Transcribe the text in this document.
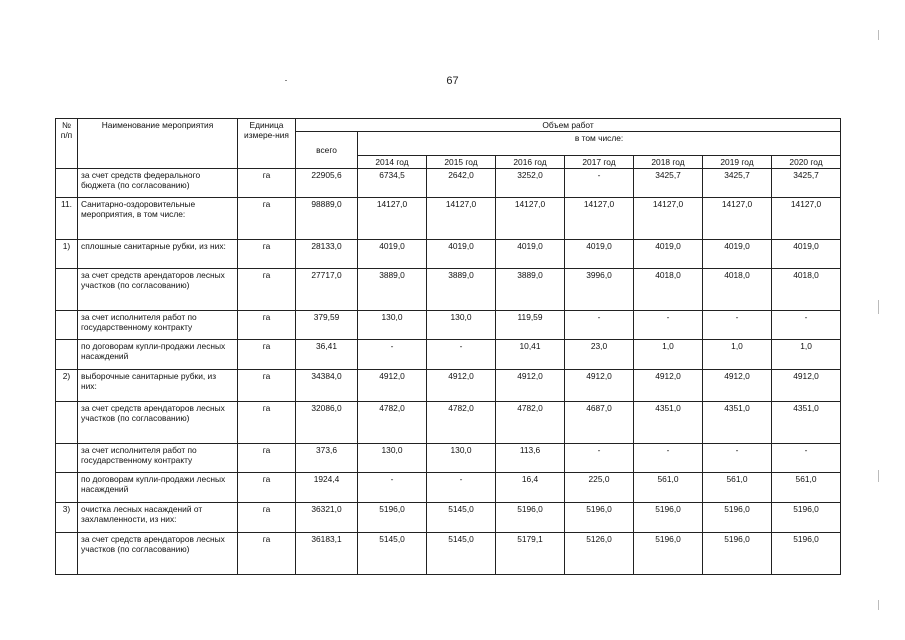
67
№ п/п	Наименование мероприятия	Единица измере-ния	Объем работ							
			всего	в том числе:						
				2014 год	2015 год	2016 год	2017 год	2018 год	2019 год	2020 год
	за счет средств федерального бюджета (по согласованию)	га	22905,6	6734,5	2642,0	3252,0	-	3425,7	3425,7	3425,7
11.	Санитарно-оздоровительные мероприятия, в том числе:	га	98889,0	14127,0	14127,0	14127,0	14127,0	14127,0	14127,0	14127,0
1)	сплошные санитарные рубки, из них:	га	28133,0	4019,0	4019,0	4019,0	4019,0	4019,0	4019,0	4019,0
	за счет средств арендаторов лесных участков (по согласованию)	га	27717,0	3889,0	3889,0	3889,0	3996,0	4018,0	4018,0	4018,0
	за счет исполнителя работ по государственному контракту	га	379,59	130,0	130,0	119,59	-	-	-	-
	по договорам купли-продажи лесных насаждений	га	36,41	-	-	10,41	23,0	1,0	1,0	1,0
2)	выборочные санитарные рубки, из них:	га	34384,0	4912,0	4912,0	4912,0	4912,0	4912,0	4912,0	4912,0
	за счет средств арендаторов лесных участков (по согласованию)	га	32086,0	4782,0	4782,0	4782,0	4687,0	4351,0	4351,0	4351,0
	за счет исполнителя работ по государственному контракту	га	373,6	130,0	130,0	113,6	-	-	-	-
	по договорам купли-продажи лесных насаждений	га	1924,4	-	-	16,4	225,0	561,0	561,0	561,0
3)	очистка лесных насаждений от захламленности, из них:	га	36321,0	5196,0	5145,0	5196,0	5196,0	5196,0	5196,0	5196,0
	за счет средств арендаторов лесных участков (по согласованию)	га	36183,1	5145,0	5145,0	5179,1	5126,0	5196,0	5196,0	5196,0
